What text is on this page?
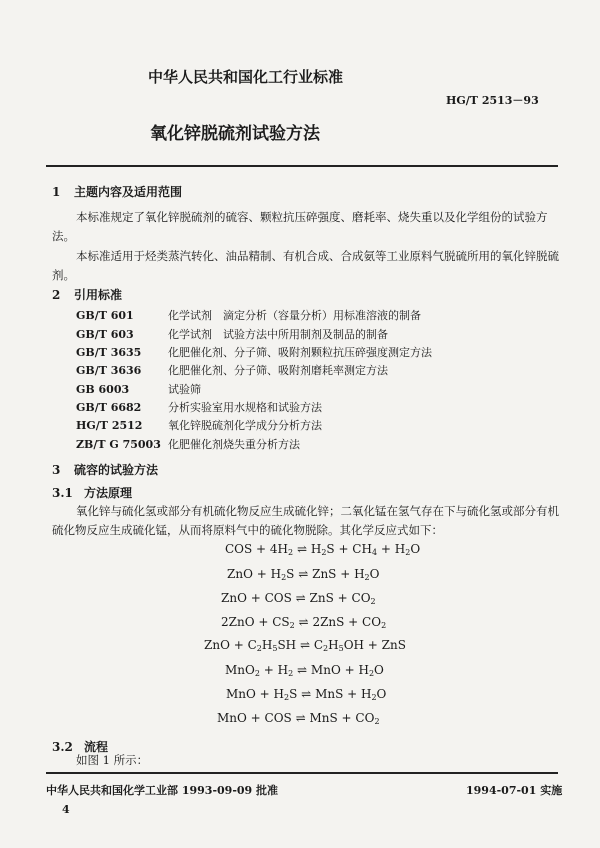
中华人民共和国化工行业标准
HG/T 2513－93
氧化锌脱硫剂试验方法
1 主题内容及适用范围
本标准规定了氧化锌脱硫剂的硫容、颗粒抗压碎强度、磨耗率、烧失重以及化学组份的试验方
法。
本标准适用于烃类蒸汽转化、油品精制、有机合成、合成氨等工业原料气脱硫所用的氧化锌脱硫
剂。
2 引用标准
GB/T 601	化学试剂　滴定分析（容量分析）用标准溶液的制备
GB/T 603	化学试剂　试验方法中所用制剂及制品的制备
GB/T 3635 化肥催化剂、分子筛、吸附剂颗粒抗压碎强度测定方法
GB/T 3636 化肥催化剂、分子筛、吸附剂磨耗率测定方法
GB 6003	试验筛
GB/T 6682 分析实验室用水规格和试验方法
HG/T 2512 氧化锌脱硫剂化学成分分析方法
ZB/T G 75003 化肥催化剂烧失重分析方法
3 硫容的试验方法
3.1 方法原理
氧化锌与硫化氢或部分有机硫化物反应生成硫化锌；二氧化锰在氢气存在下与硫化氢或部分有机
硫化物反应生成硫化锰，从而将原料气中的硫化物脱除。其化学反应式如下：
COS + $4H_2$ ⇌ $H_2S + CH_4 + H_2O$
ZnO + $H_2S$ ⇌ ZnS + $H_2O$
ZnO + COS ⇌ ZnS + $CO_2$
$2ZnO + CS_2$ ⇌ $2ZnS + CO_2$
ZnO + $C_2H_5SH$ ⇌ $C_2H_5OH$ + ZnS
$MnO_2 + H_2$ ⇌ MnO + $H_2O$
MnO + $H_2S$ ⇌ MnS + $H_2O$
MnO + COS ⇌ MnS + $CO_2$
3.2 流程
如图 1 所示：
中华人民共和国化学工业部 1993-09-09 批准	1994-07-01 实施
4
